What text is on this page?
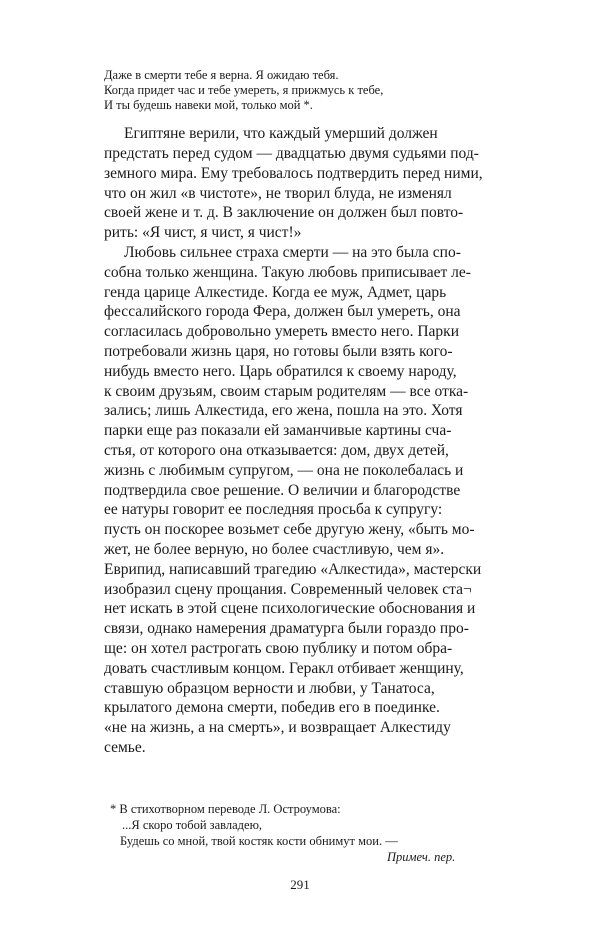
Даже в смерти тебе я верна. Я ожидаю тебя.
Когда придет час и тебе умереть, я прижмусь к тебе,
И ты будешь навеки мой, только мой *.
Египтяне верили, что каждый умерший должен
предстать перед судом — двадцатью двумя судьями под-
земного мира. Ему требовалось подтвердить перед ними,
что он жил «в чистоте», не творил блуда, не изменял
своей жене и т. д. В заключение он должен был повто-
рить: «Я чист, я чист, я чист!»
Любовь сильнее страха смерти — на это была спо-
собна только женщина. Такую любовь приписывает ле-
генда царице Алкестиде. Когда ее муж, Адмет, царь
фессалийского города Фера, должен был умереть, она
согласилась добровольно умереть вместо него. Парки
потребовали жизнь царя, но готовы были взять кого-
нибудь вместо него. Царь обратился к своему народу,
к своим друзьям, своим старым родителям — все отка-
зались; лишь Алкестида, его жена, пошла на это. Хотя
парки еще раз показали ей заманчивые картины сча-
стья, от которого она отказывается: дом, двух детей,
жизнь с любимым супругом, — она не поколебалась и
подтвердила свое решение. О величии и благородстве
ее натуры говорит ее последняя просьба к супругу:
пусть он поскорее возьмет себе другую жену, «быть мо-
жет, не более верную, но более счастливую, чем я».
Еврипид, написавший трагедию «Алкестида», мастерски
изобразил сцену прощания. Современный человек ста¬
нет искать в этой сцене психологические обоснования и
связи, однако намерения драматурга были гораздо про-
ще: он хотел растрогать свою публику и потом обра-
довать счастливым концом. Геракл отбивает женщину,
ставшую образцом верности и любви, у Танатоса,
крылатого демона смерти, победив его в поединке.
«не на жизнь, а на смерть», и возвращает Алкестиду
семье.
* В стихотворном переводе Л. Остроумова:
...Я скоро тобой завладею,
Будешь со мной, твой костяк кости обнимут мои. —
Примеч. пер.
291
